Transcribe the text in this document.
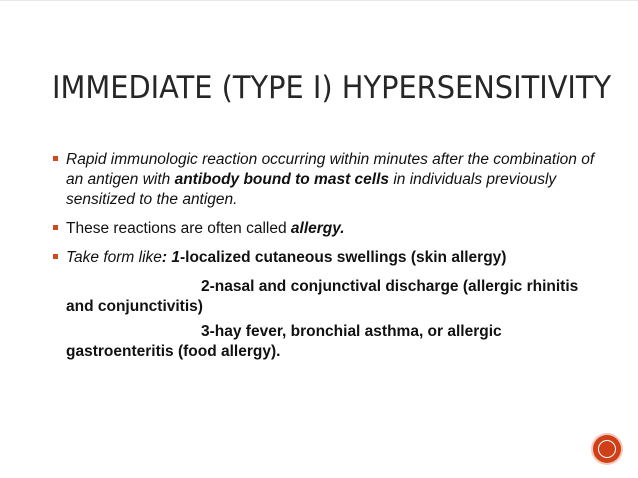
IMMEDIATE (TYPE I) HYPERSENSITIVITY
Rapid immunologic reaction occurring within minutes after the combination of an antigen with antibody bound to mast cells in individuals previously sensitized to the antigen.
These reactions are often called allergy.
Take form like: 1-localized cutaneous swellings (skin allergy)
2-nasal and conjunctival discharge (allergic rhinitis and conjunctivitis)
3-hay fever, bronchial asthma, or allergic gastroenteritis (food allergy).
